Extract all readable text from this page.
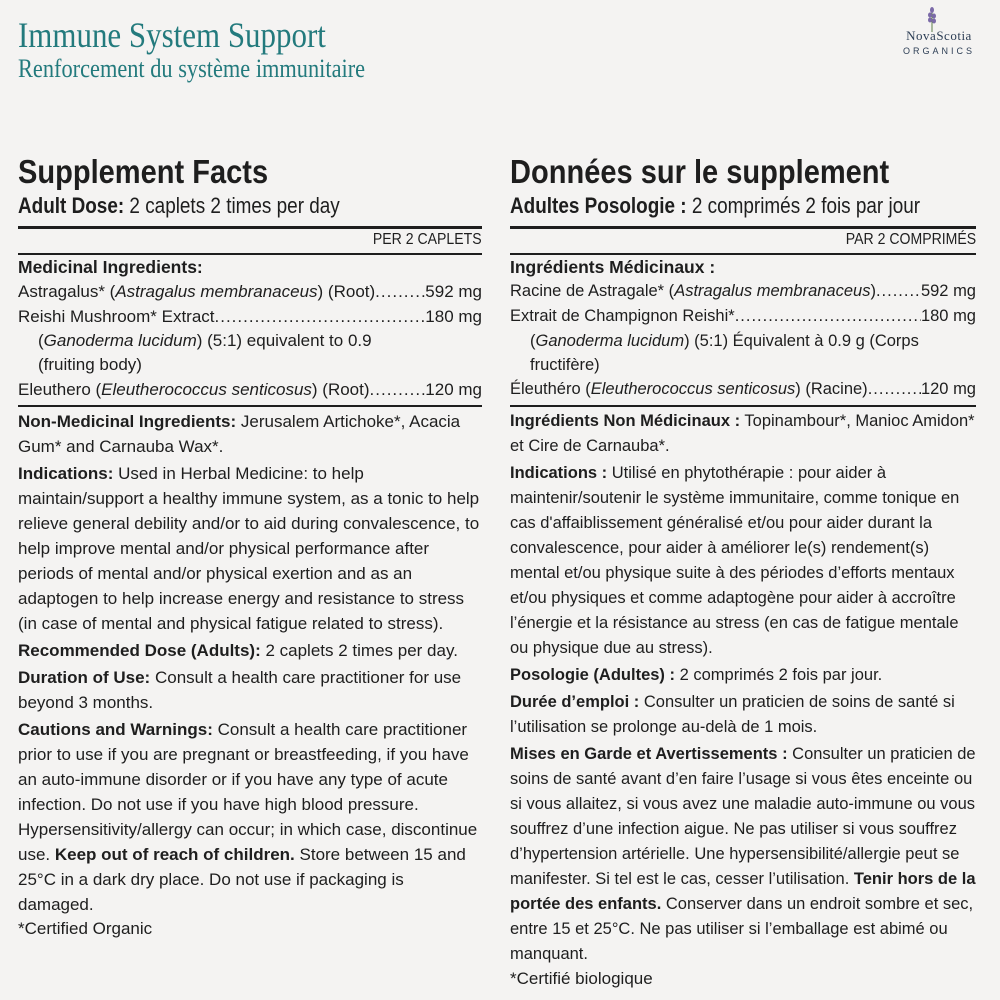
Immune System Support
Renforcement du système immunitaire
NovaScotia
ORGANICS
Supplement Facts
Adult Dose: 2 caplets 2 times per day
PER 2 CAPLETS
Medicinal Ingredients:
Astragalus* (Astragalus membranaceus) (Root) .....	592 mg
Reishi Mushroom* Extract .....	180 mg
(Ganoderma lucidum) (5:1) equivalent to 0.9
(fruiting body)
Eleuthero (Eleutherococcus senticosus) (Root) .....	120 mg
Non-Medicinal Ingredients: Jerusalem Artichoke*, Acacia Gum* and Carnauba Wax*.
Indications: Used in Herbal Medicine: to help maintain/support a healthy immune system, as a tonic to help relieve general debility and/or to aid during convalescence, to help improve mental and/or physical performance after periods of mental and/or physical exertion and as an adaptogen to help increase energy and resistance to stress (in case of mental and physical fatigue related to stress).
Recommended Dose (Adults): 2 caplets 2 times per day.
Duration of Use: Consult a health care practitioner for use beyond 3 months.
Cautions and Warnings: Consult a health care practitioner prior to use if you are pregnant or breastfeeding, if you have an auto-immune disorder or if you have any type of acute infection. Do not use if you have high blood pressure. Hypersensitivity/allergy can occur; in which case, discontinue use. Keep out of reach of children. Store between 15 and 25°C in a dark dry place. Do not use if packaging is damaged.
*Certified Organic
Données sur le supplement
Adultes Posologie : 2 comprimés 2 fois par jour
PAR 2 COMPRIMÉS
Ingrédients Médicinaux :
Racine de Astragale* (Astragalus membranaceus) .....	592 mg
Extrait de Champignon Reishi* .....	180 mg
(Ganoderma lucidum) (5:1) Équivalent à 0.9 g (Corps fructifère)
Éleuthéro (Eleutherococcus senticosus) (Racine) .....	120 mg
Ingrédients Non Médicinaux : Topinambour*, Manioc Amidon* et Cire de Carnauba*.
Indications : Utilisé en phytothérapie : pour aider à maintenir/soutenir le système immunitaire, comme tonique en cas d'affaiblissement généralisé et/ou pour aider durant la convalescence, pour aider à améliorer le(s) rendement(s) mental et/ou physique suite à des périodes d’efforts mentaux et/ou physiques et comme adaptogène pour aider à accroître l’énergie et la résistance au stress (en cas de fatigue mentale ou physique due au stress).
Posologie (Adultes) : 2 comprimés 2 fois par jour.
Durée d’emploi : Consulter un praticien de soins de santé si l’utilisation se prolonge au-delà de 1 mois.
Mises en Garde et Avertissements : Consulter un praticien de soins de santé avant d’en faire l’usage si vous êtes enceinte ou si vous allaitez, si vous avez une maladie auto-immune ou vous souffrez d’une infection aigue. Ne pas utiliser si vous souffrez d’hypertension artérielle. Une hypersensibilité/allergie peut se manifester. Si tel est le cas, cesser l’utilisation. Tenir hors de la portée des enfants. Conserver dans un endroit sombre et sec, entre 15 et 25°C. Ne pas utiliser si l’emballage est abimé ou manquant.
*Certifié biologique
